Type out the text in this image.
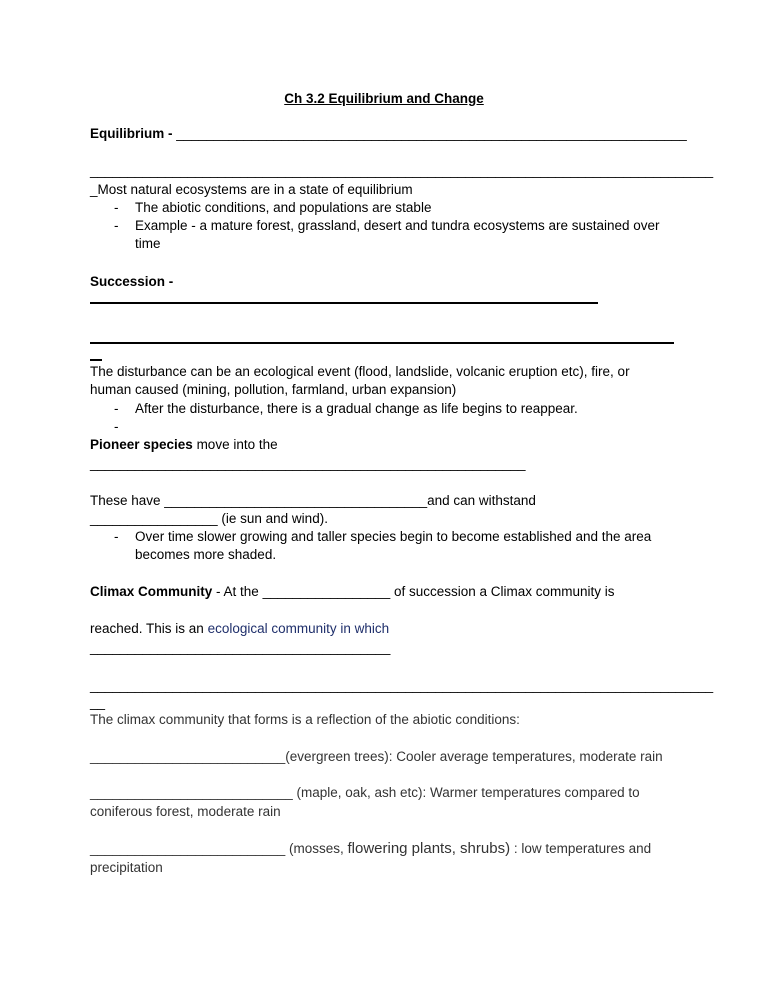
Ch 3.2 Equilibrium and Change
Equilibrium - ____________________________________________________________________
___________________________________________________________________________________
_Most natural ecosystems are in a state of equilibrium
- The abiotic conditions, and populations are stable
- Example - a mature forest, grassland, desert and tundra ecosystems are sustained over time
Succession -
The disturbance can be an ecological event (flood, landslide, volcanic eruption etc), fire, or
human caused (mining, pollution, farmland, urban expansion)
- After the disturbance, there is a gradual change as life begins to reappear.
-
Pioneer species move into the
__________________________________________________________
These have ___________________________________and can withstand
_________________ (ie sun and wind).
- Over time slower growing and taller species begin to become established and the area becomes more shaded.
Climax Community - At the _________________ of succession a Climax community is
reached. This is an ecological community in which
________________________________________
___________________________________________________________________________________
__
The climax community that forms is a reflection of the abiotic conditions:
__________________________(evergreen trees): Cooler average temperatures, moderate rain
___________________________ (maple, oak, ash etc): Warmer temperatures compared to
coniferous forest, moderate rain
__________________________ (mosses, flowering plants, shrubs) : low temperatures and
precipitation
